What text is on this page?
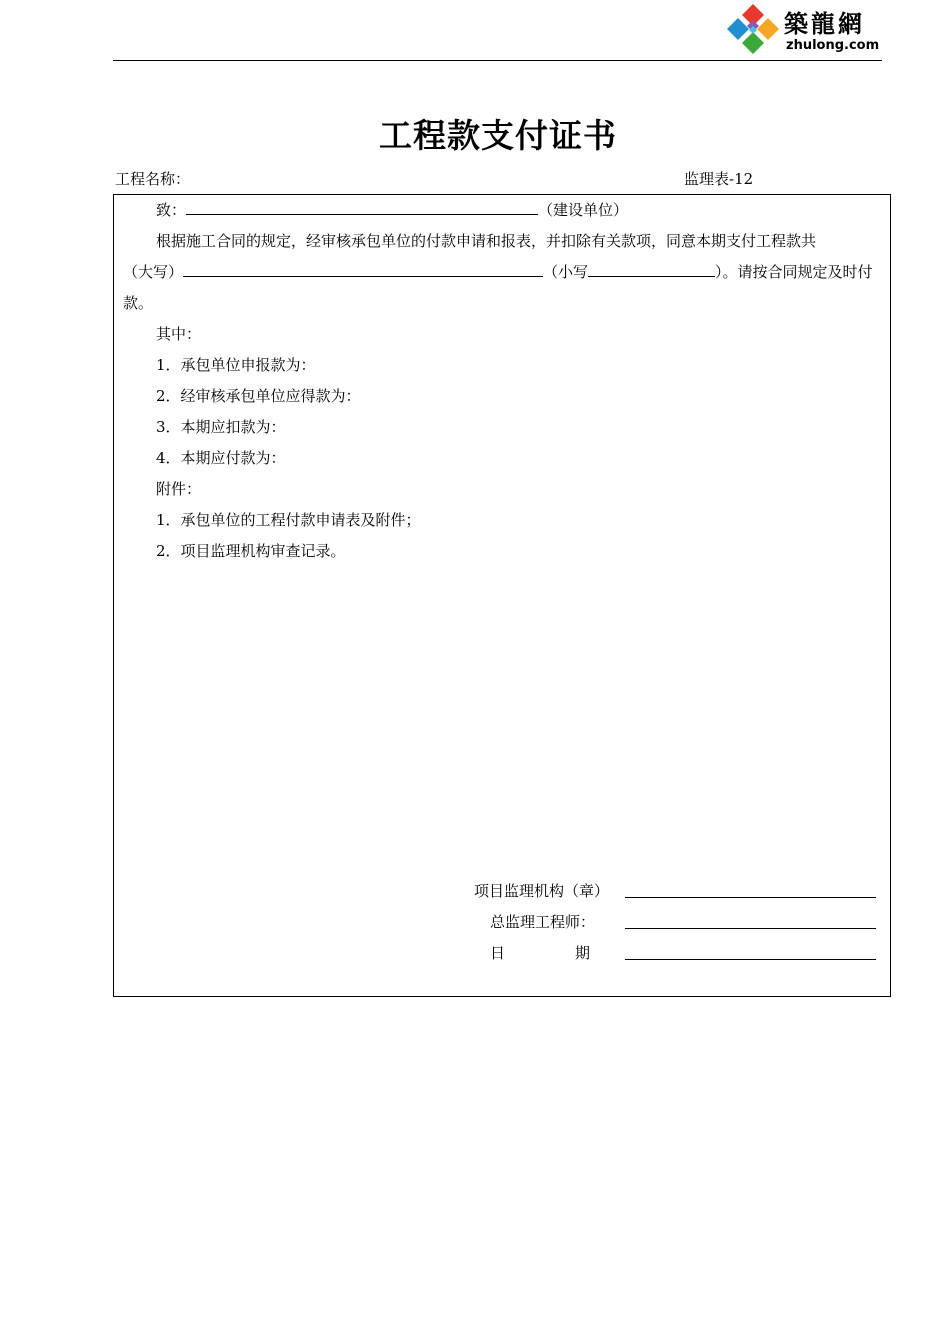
築龍網
zhulong.com
工程款支付证书
工程名称：	监理表-12
致：	（建设单位）
根据施工合同的规定，经审核承包单位的付款申请和报表，并扣除有关款项，同意本期支付工程款共
（大写）	（小写	）。请按合同规定及时付
款。
其中：
1．承包单位申报款为：
2．经审核承包单位应得款为：
3．本期应扣款为：
4．本期应付款为：
附件：
1．承包单位的工程付款申请表及附件；
2．项目监理机构审查记录。
项目监理机构（章）
总监理工程师：
日	期
